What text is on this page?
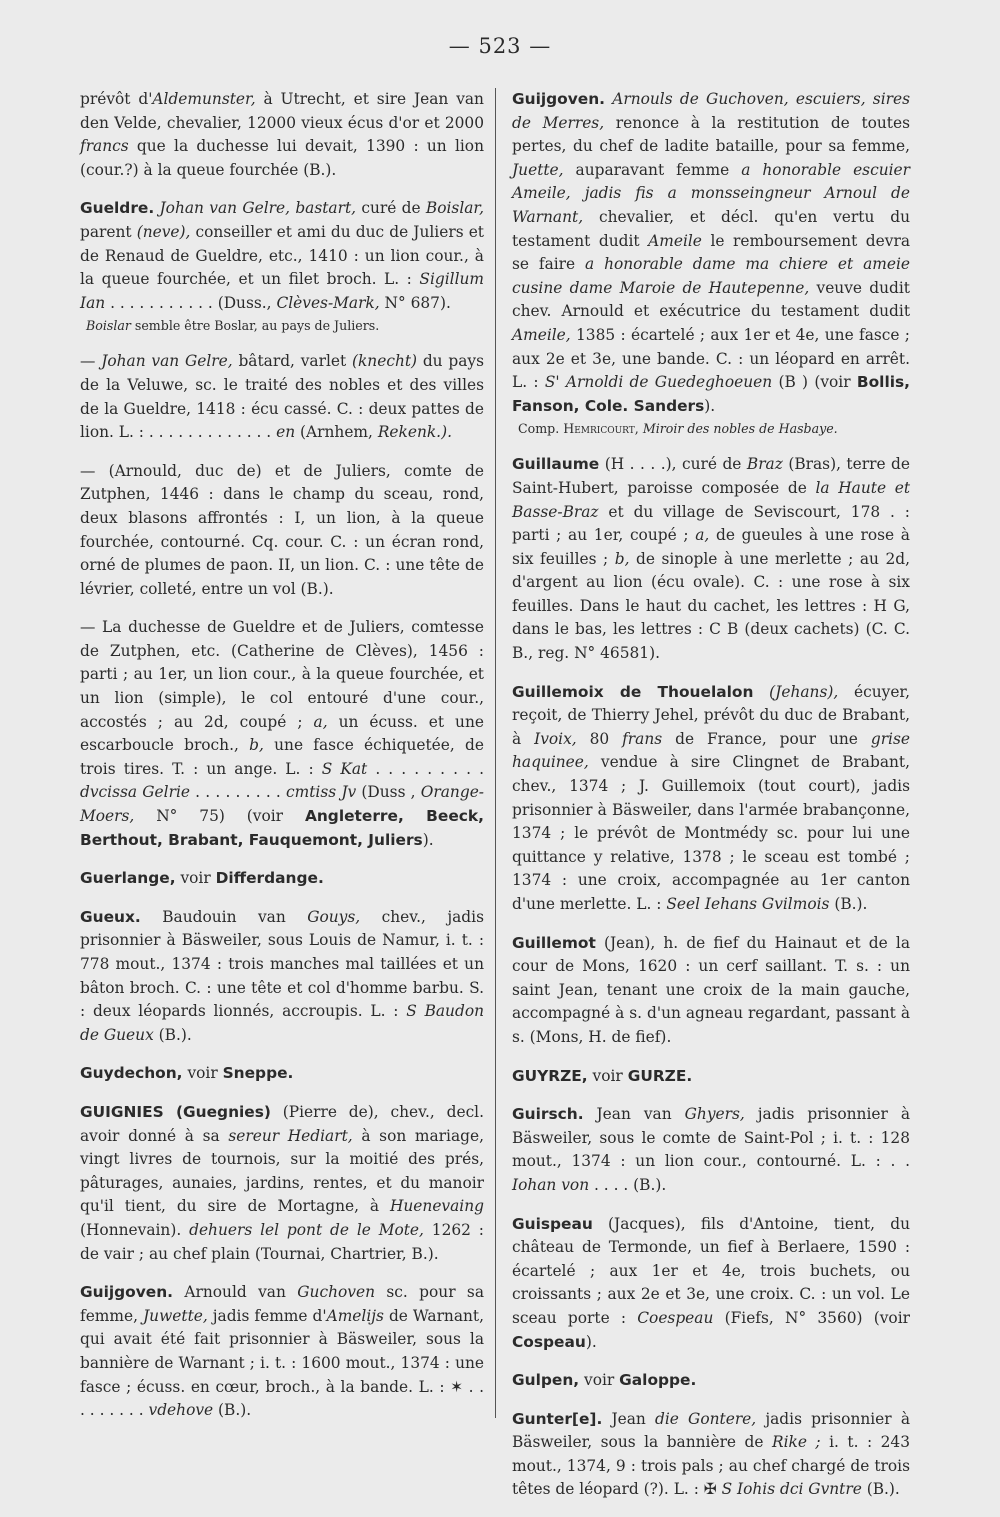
— 523 —

prévôt d'Aldemunster, à Utrecht, et sire Jean van den Velde, chevalier, 12000 vieux écus d'or et 2000 francs que la duchesse lui devait, 1390 : un lion (cour.?) à la queue fourchée (B.).

Gueldre. Johan van Gelre, bastart, curé de Boislar, parent (neve), conseiller et ami du duc de Juliers et de Renaud de Gueldre, etc., 1410 : un lion cour., à la queue fourchée, et un filet broch. L. : Sigillum Ian . . . . . . . . . . . (Duss., Clèves-Mark, N° 687).

Boislar semble être Boslar, au pays de Juliers.

— Johan van Gelre, bâtard, varlet (knecht) du pays de la Veluwe, sc. le traité des nobles et des villes de la Gueldre, 1418 : écu cassé. C. : deux pattes de lion. L. : . . . . . . . . . . . . . en (Arnhem, Rekenk.).

— (Arnould, duc de) et de Juliers, comte de Zutphen, 1446 : dans le champ du sceau, rond, deux blasons affrontés : I, un lion, à la queue fourchée, contourné. Cq. cour. C. : un écran rond, orné de plumes de paon. II, un lion. C. : une tête de lévrier, colleté, entre un vol (B.).

— La duchesse de Gueldre et de Juliers, comtesse de Zutphen, etc. (Catherine de Clèves), 1456 : parti ; au 1er, un lion cour., à la queue fourchée, et un lion (simple), le col entouré d'une cour., accostés ; au 2d, coupé ; a, un écuss. et une escarboucle broch., b, une fasce échiquetée, de trois tires. T. : un ange. L. : S Kat . . . . . . . . . dvcissa Gelrie . . . . . . . . . cmtiss Jv (Duss , Orange-Moers, N° 75) (voir Angleterre, Beeck, Berthout, Brabant, Fauquemont, Juliers).

Guerlange, voir Differdange.

Gueux. Baudouin van Gouys, chev., jadis prisonnier à Bäsweiler, sous Louis de Namur, i. t. : 778 mout., 1374 : trois manches mal taillées et un bâton broch. C. : une tête et col d'homme barbu. S. : deux léopards lionnés, accroupis. L. : S Baudon de Gueux (B.).

Guydechon, voir Sneppe.

GUIGNIES (Guegnies) (Pierre de), chev., decl. avoir donné à sa sereur Hediart, à son mariage, vingt livres de tournois, sur la moitié des prés, pâturages, aunaies, jardins, rentes, et du manoir qu'il tient, du sire de Mortagne, à Huenevaing (Honnevain). dehuers lel pont de le Mote, 1262 : de vair ; au chef plain (Tournai, Chartrier, B.).

Guijgoven. Arnould van Guchoven sc. pour sa femme, Juwette, jadis femme d'Amelijs de Warnant, qui avait été fait prisonnier à Bäsweiler, sous la bannière de Warnant ; i. t. : 1600 mout., 1374 : une fasce ; écuss. en cœur, broch., à la bande. L. : ✶ . . . . . . . . . vdehove (B.).

Guijgoven. Arnouls de Guchoven, escuiers, sires de Merres, renonce à la restitution de toutes pertes, du chef de ladite bataille, pour sa femme, Juette, auparavant femme a honorable escuier Ameile, jadis fis a monsseingneur Arnoul de Warnant, chevalier, et décl. qu'en vertu du testament dudit Ameile le remboursement devra se faire a honorable dame ma chiere et ameie cusine dame Maroie de Hautepenne, veuve dudit chev. Arnould et exécutrice du testament dudit Ameile, 1385 : écartelé ; aux 1er et 4e, une fasce ; aux 2e et 3e, une bande. C. : un léopard en arrêt. L. : S' Arnoldi de Guedeghoeuen (B ) (voir Bollis, Fanson, Cole. Sanders).

Comp. Hemricourt, Miroir des nobles de Hasbaye.

Guillaume (H . . . .), curé de Braz (Bras), terre de Saint-Hubert, paroisse composée de la Haute et Basse-Braz et du village de Seviscourt, 178 . : parti ; au 1er, coupé ; a, de gueules à une rose à six feuilles ; b, de sinople à une merlette ; au 2d, d'argent au lion (écu ovale). C. : une rose à six feuilles. Dans le haut du cachet, les lettres : H G, dans le bas, les lettres : C B (deux cachets) (C. C. B., reg. N° 46581).

Guillemoix de Thouelalon (Jehans), écuyer, reçoit, de Thierry Jehel, prévôt du duc de Brabant, à Ivoix, 80 frans de France, pour une grise haquinee, vendue à sire Clingnet de Brabant, chev., 1374 ; J. Guillemoix (tout court), jadis prisonnier à Bäsweiler, dans l'armée brabançonne, 1374 ; le prévôt de Montmédy sc. pour lui une quittance y relative, 1378 ; le sceau est tombé ; 1374 : une croix, accompagnée au 1er canton d'une merlette. L. : Seel Iehans Gvilmois (B.).

Guillemot (Jean), h. de fief du Hainaut et de la cour de Mons, 1620 : un cerf saillant. T. s. : un saint Jean, tenant une croix de la main gauche, accompagné à s. d'un agneau regardant, passant à s. (Mons, H. de fief).

GUYRZE, voir GURZE.

Guirsch. Jean van Ghyers, jadis prisonnier à Bäsweiler, sous le comte de Saint-Pol ; i. t. : 128 mout., 1374 : un lion cour., contourné. L. : . . Iohan von . . . . (B.).

Guispeau (Jacques), fils d'Antoine, tient, du château de Termonde, un fief à Berlaere, 1590 : écartelé ; aux 1er et 4e, trois buchets, ou croissants ; aux 2e et 3e, une croix. C. : un vol. Le sceau porte : Coespeau (Fiefs, N° 3560) (voir Cospeau).

Gulpen, voir Galoppe.

Gunter[e]. Jean die Gontere, jadis prisonnier à Bäsweiler, sous la bannière de Rike ; i. t. : 243 mout., 1374, 9 : trois pals ; au chef chargé de trois têtes de léopard (?). L. : ✠ S Iohis dci Gvntre (B.).
